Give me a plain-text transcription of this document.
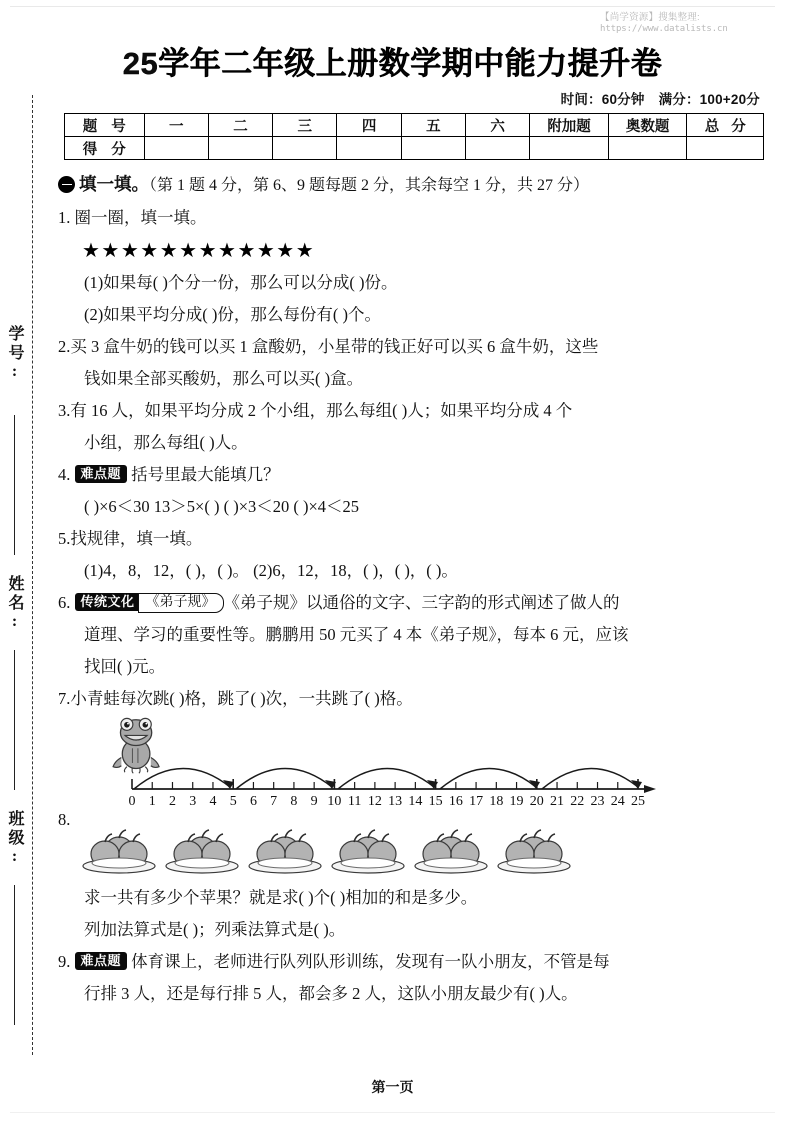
【尚学资源】搜集整理:
https://www.datalists.cn
25学年二年级上册数学期中能力提升卷
时间：60分钟 满分：100+20分
题 号	一	二	三	四	五	六	附加题	奥数题	总 分
得 分									
学号:
姓名:
班级:
填一填。（第 1 题 4 分，第 6、9 题每题 2 分，其余每空 1 分，共 27 分）
1. 圈一圈，填一填。
★★★★★★★★★★★★
(1)如果每( )个分一份，那么可以分成( )份。
(2)如果平均分成( )份，那么每份有( )个。
2.买 3 盒牛奶的钱可以买 1 盒酸奶，小星带的钱正好可以买 6 盒牛奶，这些
钱如果全部买酸奶，那么可以买( )盒。
3.有 16 人，如果平均分成 2 个小组，那么每组( )人；如果平均分成 4 个
小组，那么每组( )人。
4. 难点题 括号里最大能填几？
( )×6＜30 13＞5×( ) ( )×3＜20 ( )×4＜25
5.找规律，填一填。
(1)4，8，12，( )，( )。 (2)6，12，18，( )，( )，( )。
6. 传统文化 《弟子规》 《弟子规》以通俗的文字、三字韵的形式阐述了做人的
道理、学习的重要性等。鹏鹏用 50 元买了 4 本《弟子规》，每本 6 元，应该
找回( )元。
7.小青蛙每次跳( )格，跳了( )次，一共跳了( )格。
0 1 2 3 4 5 6 7 8 9 10 11 12 13 14 15 16 17 18 19 20 21 22 23 24 25
8.
求一共有多少个苹果？就是求( )个( )相加的和是多少。
列加法算式是( )；列乘法算式是( )。
9. 难点题 体育课上，老师进行队列队形训练，发现有一队小朋友，不管是每
行排 3 人，还是每行排 5 人，都会多 2 人，这队小朋友最少有( )人。
第一页
